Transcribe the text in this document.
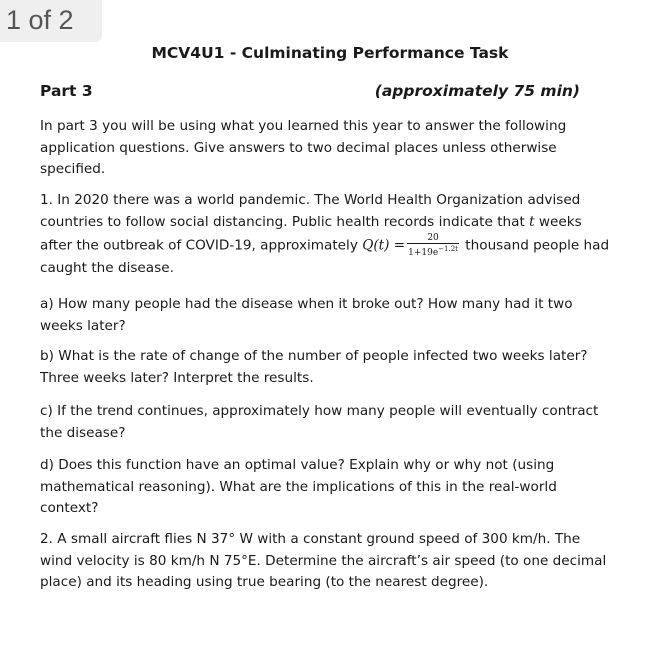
1 of 2
MCV4U1 - Culminating Performance Task
Part 3	(approximately 75 min)

In part 3 you will be using what you learned this year to answer the following application questions. Give answers to two decimal places unless otherwise specified.

1. In 2020 there was a world pandemic. The World Health Organization advised countries to follow social distancing. Public health records indicate that t weeks after the outbreak of COVID-19, approximately $Q(t) = \frac{20}{1+19e^{-1.2t}}$ thousand people had caught the disease.

a) How many people had the disease when it broke out? How many had it two weeks later?

b) What is the rate of change of the number of people infected two weeks later? Three weeks later? Interpret the results.

c) If the trend continues, approximately how many people will eventually contract the disease?

d) Does this function have an optimal value? Explain why or why not (using mathematical reasoning). What are the implications of this in the real-world context?

2. A small aircraft flies N 37° W with a constant ground speed of 300 km/h. The wind velocity is 80 km/h N 75°E. Determine the aircraft’s air speed (to one decimal place) and its heading using true bearing (to the nearest degree).
